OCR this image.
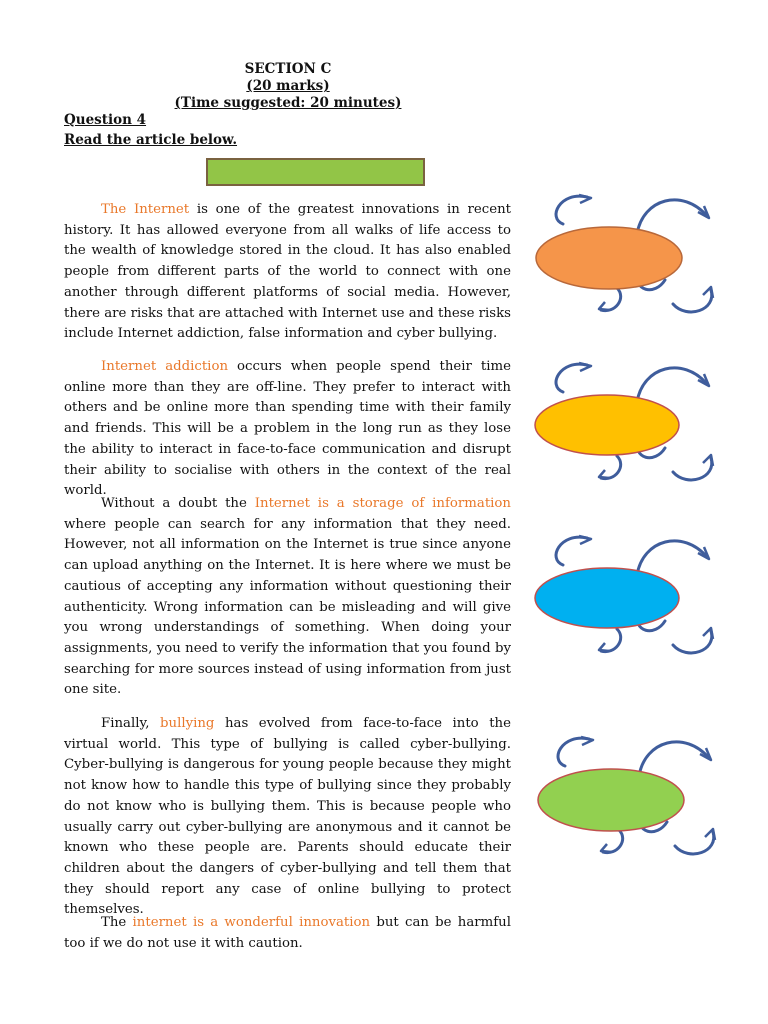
SECTION C
(20 marks)
(Time suggested: 20 minutes)
Question 4
Read the article below.
The Internet is one of the greatest innovations in recent history. It has allowed everyone from all walks of life access to the wealth of knowledge stored in the cloud. It has also enabled people from different parts of the world to connect with one another through different platforms of social media. However, there are risks that are attached with Internet use and these risks include Internet addiction, false information and cyber bullying.
Internet addiction occurs when people spend their time online more than they are off-line. They prefer to interact with others and be online more than spending time with their family and friends. This will be a problem in the long run as they lose the ability to interact in face-to-face communication and disrupt their ability to socialise with others in the context of the real world.
Without a doubt the Internet is a storage of information where people can search for any information that they need. However, not all information on the Internet is true since anyone can upload anything on the Internet. It is here where we must be cautious of accepting any information without questioning their authenticity. Wrong information can be misleading and will give you wrong understandings of something. When doing your assignments, you need to verify the information that you found by searching for more sources instead of using information from just one site.
Finally, bullying has evolved from face-to-face into the virtual world. This type of bullying is called cyber-bullying. Cyber-bullying is dangerous for young people because they might not know how to handle this type of bullying since they probably do not know who is bullying them. This is because people who usually carry out cyber-bullying are anonymous and it cannot be known who these people are. Parents should educate their children about the dangers of cyber-bullying and tell them that they should report any case of online bullying to protect themselves.
The internet is a wonderful innovation but can be harmful too if we do not use it with caution.
